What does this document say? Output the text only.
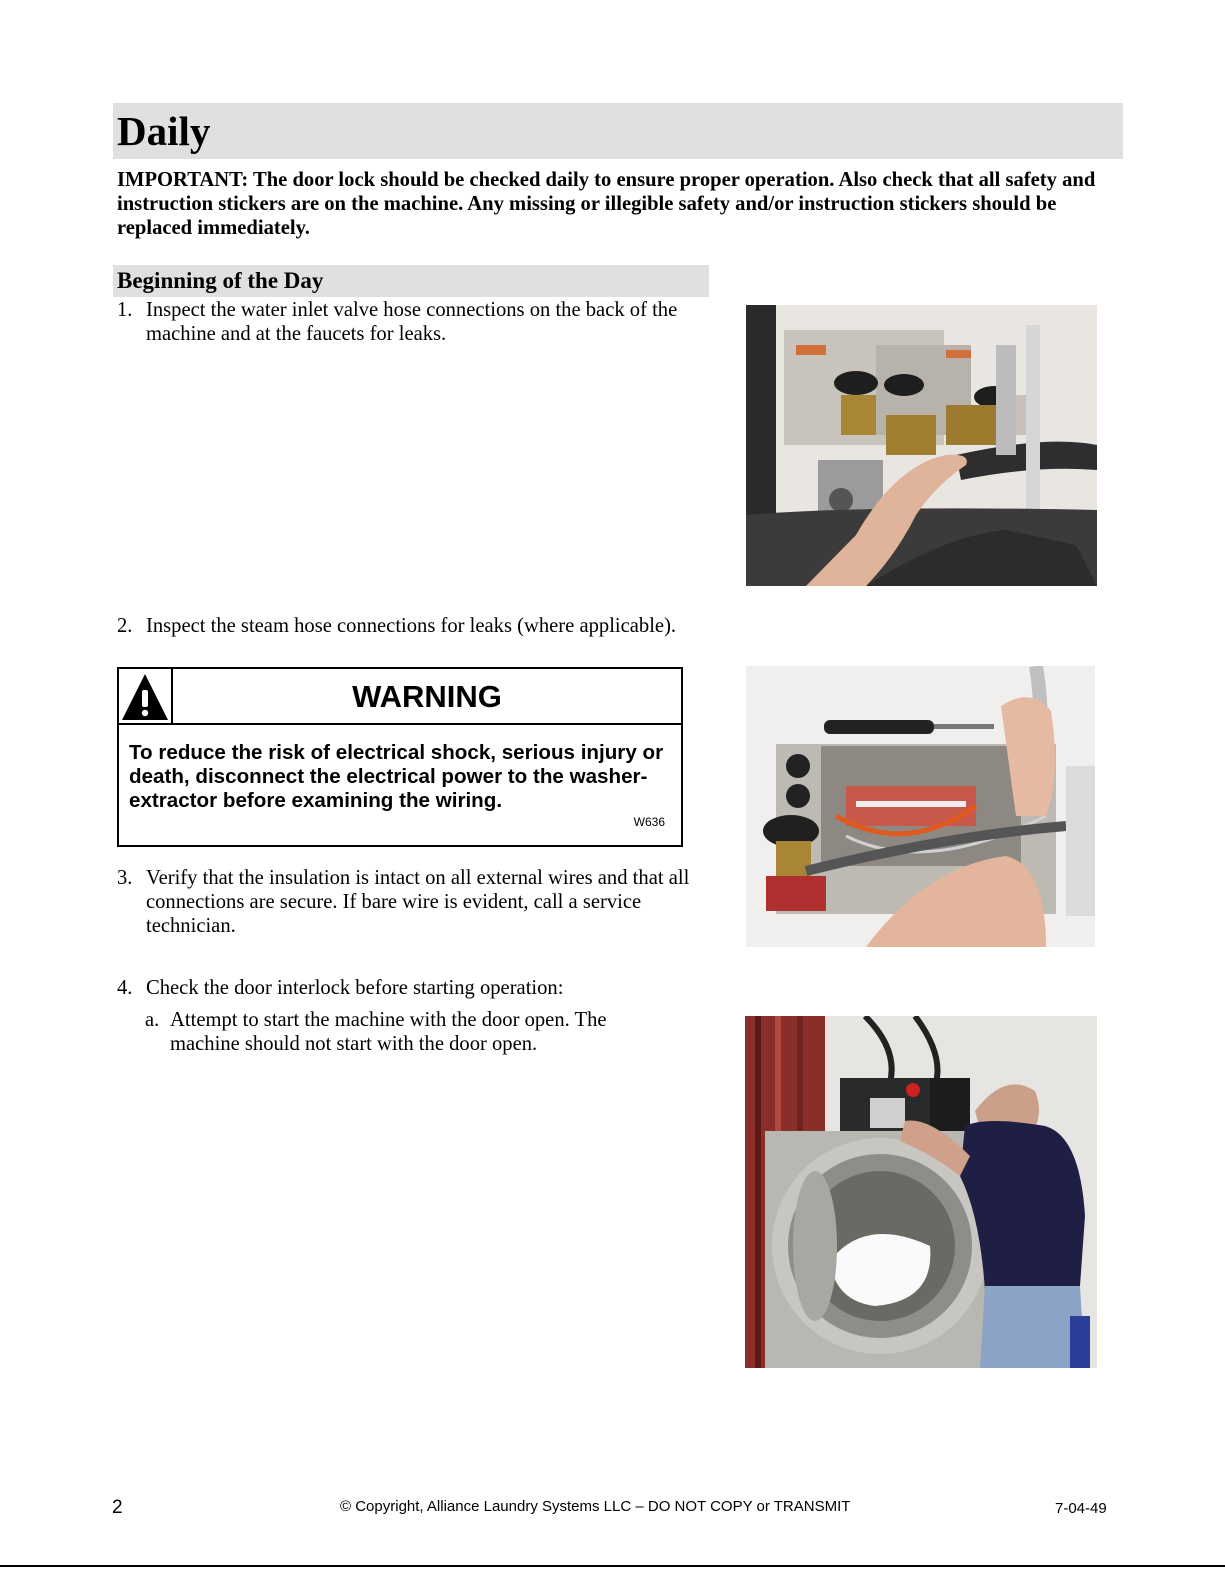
Daily
IMPORTANT: The door lock should be checked daily to ensure proper operation. Also check that all safety and instruction stickers are on the machine. Any missing or illegible safety and/or instruction stickers should be replaced immediately.
Beginning of the Day
1. Inspect the water inlet valve hose connections on the back of the machine and at the faucets for leaks.
2. Inspect the steam hose connections for leaks (where applicable).
WARNING
To reduce the risk of electrical shock, serious injury or death, disconnect the electrical power to the washer-extractor before examining the wiring.
W636
3. Verify that the insulation is intact on all external wires and that all connections are secure. If bare wire is evident, call a service technician.
4. Check the door interlock before starting operation:
a. Attempt to start the machine with the door open. The machine should not start with the door open.
2	© Copyright, Alliance Laundry Systems LLC – DO NOT COPY or TRANSMIT	7-04-49
